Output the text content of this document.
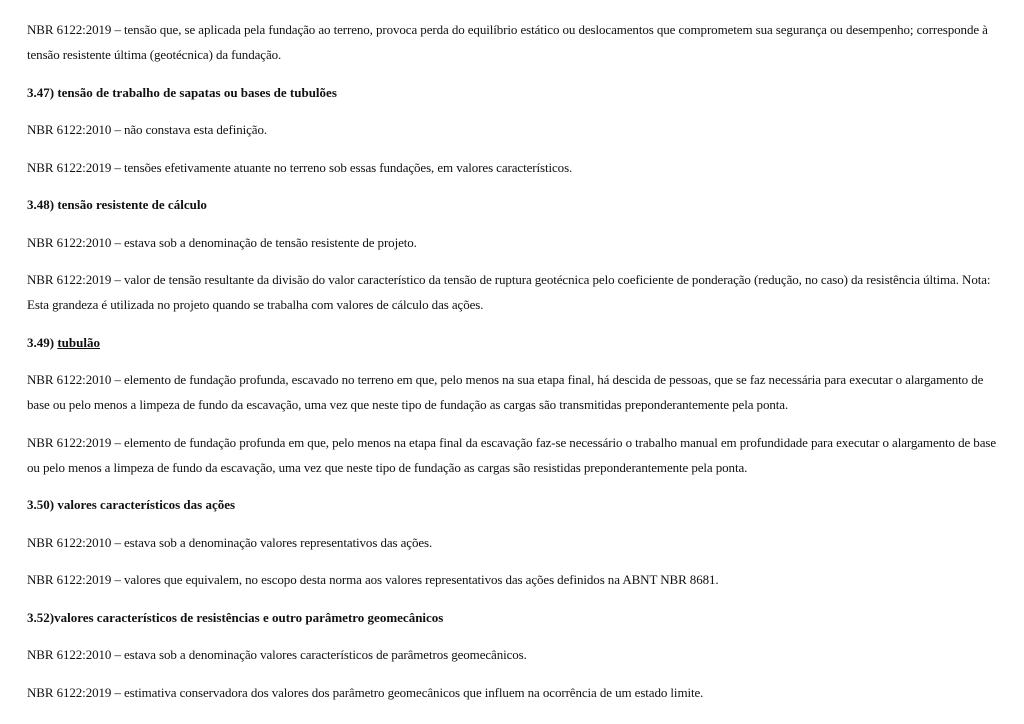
NBR 6122:2019 – tensão que, se aplicada pela fundação ao terreno, provoca perda do equilíbrio estático ou deslocamentos que comprometem sua segurança ou desempenho; corresponde à tensão resistente última (geotécnica) da fundação.

3.47) tensão de trabalho de sapatas ou bases de tubulões

NBR 6122:2010 – não constava esta definição.

NBR 6122:2019 – tensões efetivamente atuante no terreno sob essas fundações, em valores característicos.

3.48) tensão resistente de cálculo

NBR 6122:2010 – estava sob a denominação de tensão resistente de projeto.

NBR 6122:2019 – valor de tensão resultante da divisão do valor característico da tensão de ruptura geotécnica pelo coeficiente de ponderação (redução, no caso) da resistência última. Nota: Esta grandeza é utilizada no projeto quando se trabalha com valores de cálculo das ações.

3.49) tubulão

NBR 6122:2010 – elemento de fundação profunda, escavado no terreno em que, pelo menos na sua etapa final, há descida de pessoas, que se faz necessária para executar o alargamento de base ou pelo menos a limpeza de fundo da escavação, uma vez que neste tipo de fundação as cargas são transmitidas preponderantemente pela ponta.

NBR 6122:2019 – elemento de fundação profunda em que, pelo menos na etapa final da escavação faz-se necessário o trabalho manual em profundidade para executar o alargamento de base ou pelo menos a limpeza de fundo da escavação, uma vez que neste tipo de fundação as cargas são resistidas preponderantemente pela ponta.

3.50) valores característicos das ações

NBR 6122:2010 – estava sob a denominação valores representativos das ações.

NBR 6122:2019 – valores que equivalem, no escopo desta norma aos valores representativos das ações definidos na ABNT NBR 8681.

3.52)valores característicos de resistências e outro parâmetro geomecânicos

NBR 6122:2010 – estava sob a denominação valores característicos de parâmetros geomecânicos.

NBR 6122:2019 – estimativa conservadora dos valores dos parâmetro geomecânicos que influem na ocorrência de um estado limite.
